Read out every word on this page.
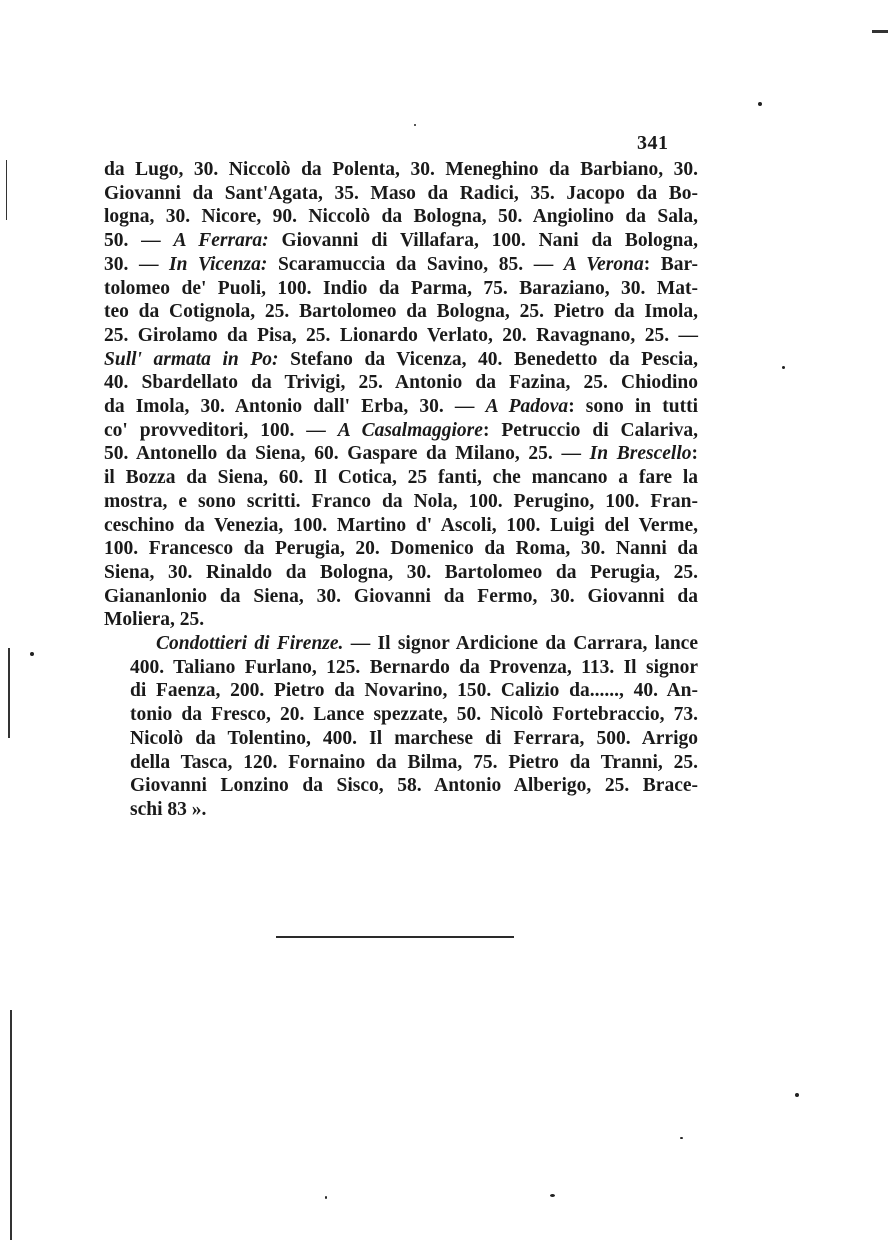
341
da Lugo, 30. Niccolò da Polenta, 30. Meneghino da Barbiano, 30.
Giovanni da Sant'Agata, 35. Maso da Radici, 35. Jacopo da Bo-
logna, 30. Nicore, 90. Niccolò da Bologna, 50. Angiolino da Sala,
50. — A Ferrara: Giovanni di Villafara, 100. Nani da Bologna,
30. — In Vicenza: Scaramuccia da Savino, 85. — A Verona: Bar-
tolomeo de' Puoli, 100. Indio da Parma, 75. Baraziano, 30. Mat-
teo da Cotignola, 25. Bartolomeo da Bologna, 25. Pietro da Imola,
25. Girolamo da Pisa, 25. Lionardo Verlato, 20. Ravagnano, 25. —
Sull' armata in Po: Stefano da Vicenza, 40. Benedetto da Pescia,
40. Sbardellato da Trivigi, 25. Antonio da Fazina, 25. Chiodino
da Imola, 30. Antonio dall' Erba, 30. — A Padova: sono in tutti
co' provveditori, 100. — A Casalmaggiore: Petruccio di Calariva,
50. Antonello da Siena, 60. Gaspare da Milano, 25. — In Brescello:
il Bozza da Siena, 60. Il Cotica, 25 fanti, che mancano a fare la
mostra, e sono scritti. Franco da Nola, 100. Perugino, 100. Fran-
ceschino da Venezia, 100. Martino d' Ascoli, 100. Luigi del Verme,
100. Francesco da Perugia, 20. Domenico da Roma, 30. Nanni da
Siena, 30. Rinaldo da Bologna, 30. Bartolomeo da Perugia, 25.
Giananlonio da Siena, 30. Giovanni da Fermo, 30. Giovanni da
Moliera, 25.
Condottieri di Firenze. — Il signor Ardicione da Carrara, lance
400. Taliano Furlano, 125. Bernardo da Provenza, 113. Il signor
di Faenza, 200. Pietro da Novarino, 150. Calizio da......, 40. An-
tonio da Fresco, 20. Lance spezzate, 50. Nicolò Fortebraccio, 73.
Nicolò da Tolentino, 400. Il marchese di Ferrara, 500. Arrigo
della Tasca, 120. Fornaino da Bilma, 75. Pietro da Tranni, 25.
Giovanni Lonzino da Sisco, 58. Antonio Alberigo, 25. Brace-
schi 83 ».
